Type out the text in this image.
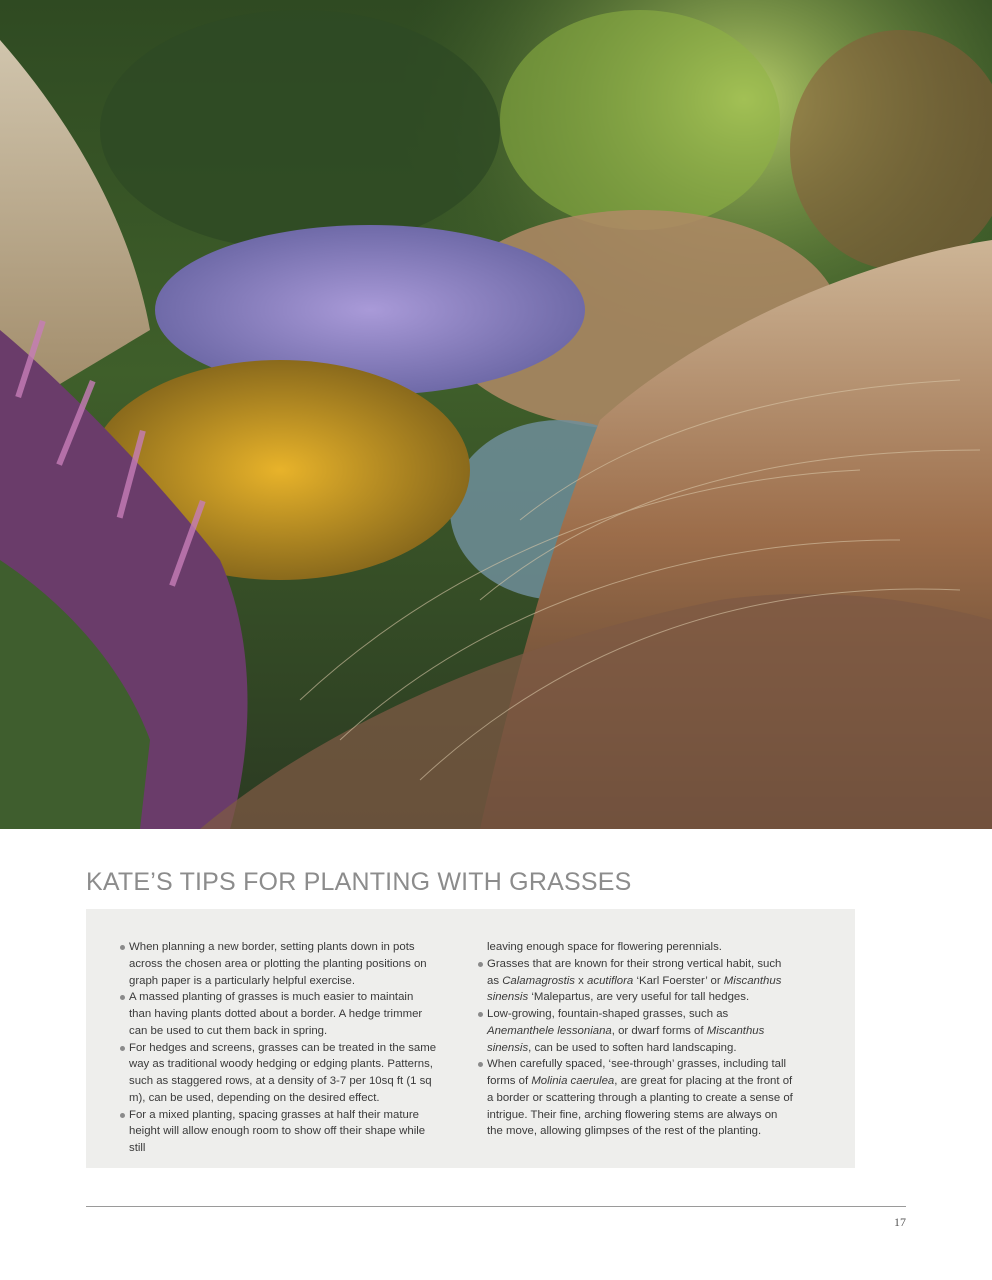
KATE’S TIPS FOR PLANTING WITH GRASSES

When planning a new border, setting plants down in pots across the chosen area or plotting the planting positions on graph paper is a particularly helpful exercise.

A massed planting of grasses is much easier to maintain than having plants dotted about a border. A hedge trimmer can be used to cut them back in spring.

For hedges and screens, grasses can be treated in the same way as traditional woody hedging or edging plants. Patterns, such as staggered rows, at a density of 3-7 per 10sq ft (1 sq m), can be used, depending on the desired effect.

For a mixed planting, spacing grasses at half their mature height will allow enough room to show off their shape while still

leaving enough space for flowering perennials.

Grasses that are known for their strong vertical habit, such as Calamagrostis x acutiflora ‘Karl Foerster’ or Miscanthus sinensis ‘Malepartus, are very useful for tall hedges.

Low-growing, fountain-shaped grasses, such as Anemanthele lessoniana, or dwarf forms of Miscanthus sinensis, can be used to soften hard landscaping.

When carefully spaced, ‘see-through’ grasses, including tall forms of Molinia caerulea, are great for placing at the front of a border or scattering through a planting to create a sense of intrigue. Their fine, arching flowering stems are always on the move, allowing glimpses of the rest of the planting.

17
